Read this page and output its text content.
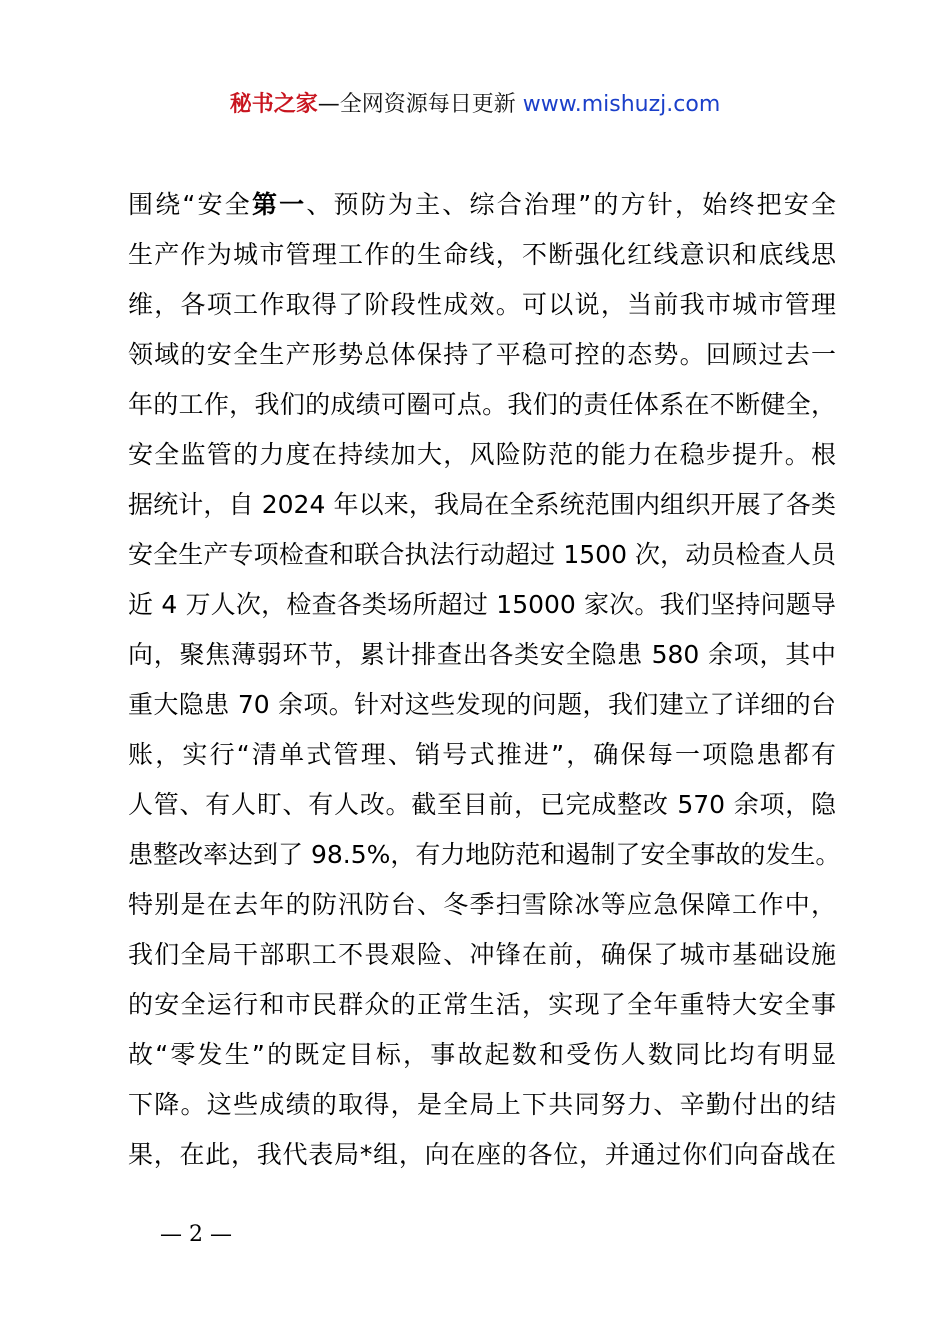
秘书之家—全网资源每日更新 www.mishuzj.com
围绕“安全第一、预防为主、综合治理”的方针，始终把安全
生产作为城市管理工作的生命线，不断强化红线意识和底线思
维，各项工作取得了阶段性成效。可以说，当前我市城市管理
领域的安全生产形势总体保持了平稳可控的态势。回顾过去一
年的工作，我们的成绩可圈可点。我们的责任体系在不断健全，
安全监管的力度在持续加大，风险防范的能力在稳步提升。根
据统计，自 2024 年以来，我局在全系统范围内组织开展了各类
安全生产专项检查和联合执法行动超过 1500 次，动员检查人员
近 4 万人次，检查各类场所超过 15000 家次。我们坚持问题导
向，聚焦薄弱环节，累计排查出各类安全隐患 580 余项，其中
重大隐患 70 余项。针对这些发现的问题，我们建立了详细的台
账，实行“清单式管理、销号式推进”，确保每一项隐患都有
人管、有人盯、有人改。截至目前，已完成整改 570 余项，隐
患整改率达到了 98.5%，有力地防范和遏制了安全事故的发生。
特别是在去年的防汛防台、冬季扫雪除冰等应急保障工作中，
我们全局干部职工不畏艰险、冲锋在前，确保了城市基础设施
的安全运行和市民群众的正常生活，实现了全年重特大安全事
故“零发生”的既定目标，事故起数和受伤人数同比均有明显
下降。这些成绩的取得，是全局上下共同努力、辛勤付出的结
果，在此，我代表局*组，向在座的各位，并通过你们向奋战在
— 2 —
